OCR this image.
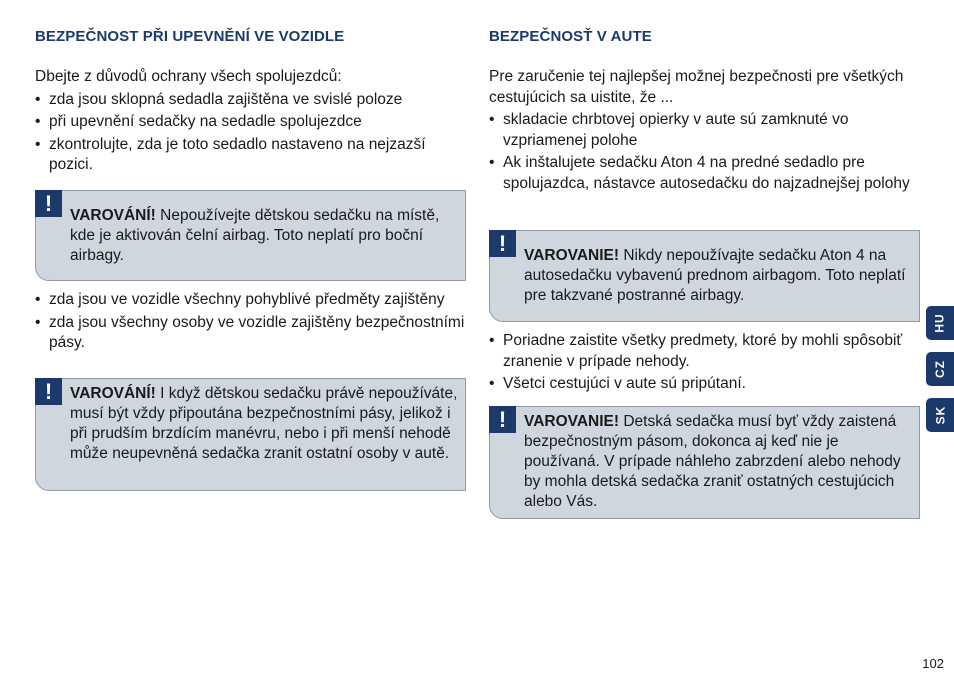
BEZPEČNOST PŘI UPEVNĚNÍ VE VOZIDLE

Dbejte z důvodů ochrany všech spolujezdců:

• zda jsou sklopná sedadla zajištěna ve svislé poloze
• při upevnění sedačky na sedadle spolujezdce
• zkontrolujte, zda je toto sedadlo nastaveno na nejzazší pozici.
!	VAROVÁNÍ! Nepoužívejte dětskou sedačku na místě, kde je aktivován čelní airbag. Toto neplatí pro boční airbagy.
• zda jsou ve vozidle všechny pohyblivé předměty zajištěny
• zda jsou všechny osoby ve vozidle zajištěny bezpečnostními pásy.
!	VAROVÁNÍ! I když dětskou sedačku právě nepoužíváte, musí být vždy připoutána bezpečnostními pásy, jelikož i při prudším brzdícím manévru, nebo i při menší nehodě může neupevněná sedačka zranit ostatní osoby v autě.
BEZPEČNOSŤ V AUTE

Pre zaručenie tej najlepšej možnej bezpečnosti pre všetkých cestujúcich sa uistite, že ...

• skladacie chrbtovej opierky v aute sú zamknuté vo vzpriamenej polohe
• Ak inštalujete sedačku Aton 4 na predné sedadlo pre spolujazdca, nástavce autosedačku do najzadnejšej polohy
!	VAROVANIE! Nikdy nepoužívajte sedačku Aton 4 na autosedačku vybavenú prednom airbagom. Toto neplatí pre takzvané postranné airbagy.
• Poriadne zaistite všetky predmety, ktoré by mohli spôsobiť zranenie v prípade nehody.
• Všetci cestujúci v aute sú pripútaní.
!	VAROVANIE! Detská sedačka musí byť vždy zaistená bezpečnostným pásom, dokonca aj keď nie je používaná. V prípade náhleho zabrzdení alebo nehody by mohla detská sedačka zraniť ostatných cestujúcich alebo Vás.
HU
CZ
SK
102
